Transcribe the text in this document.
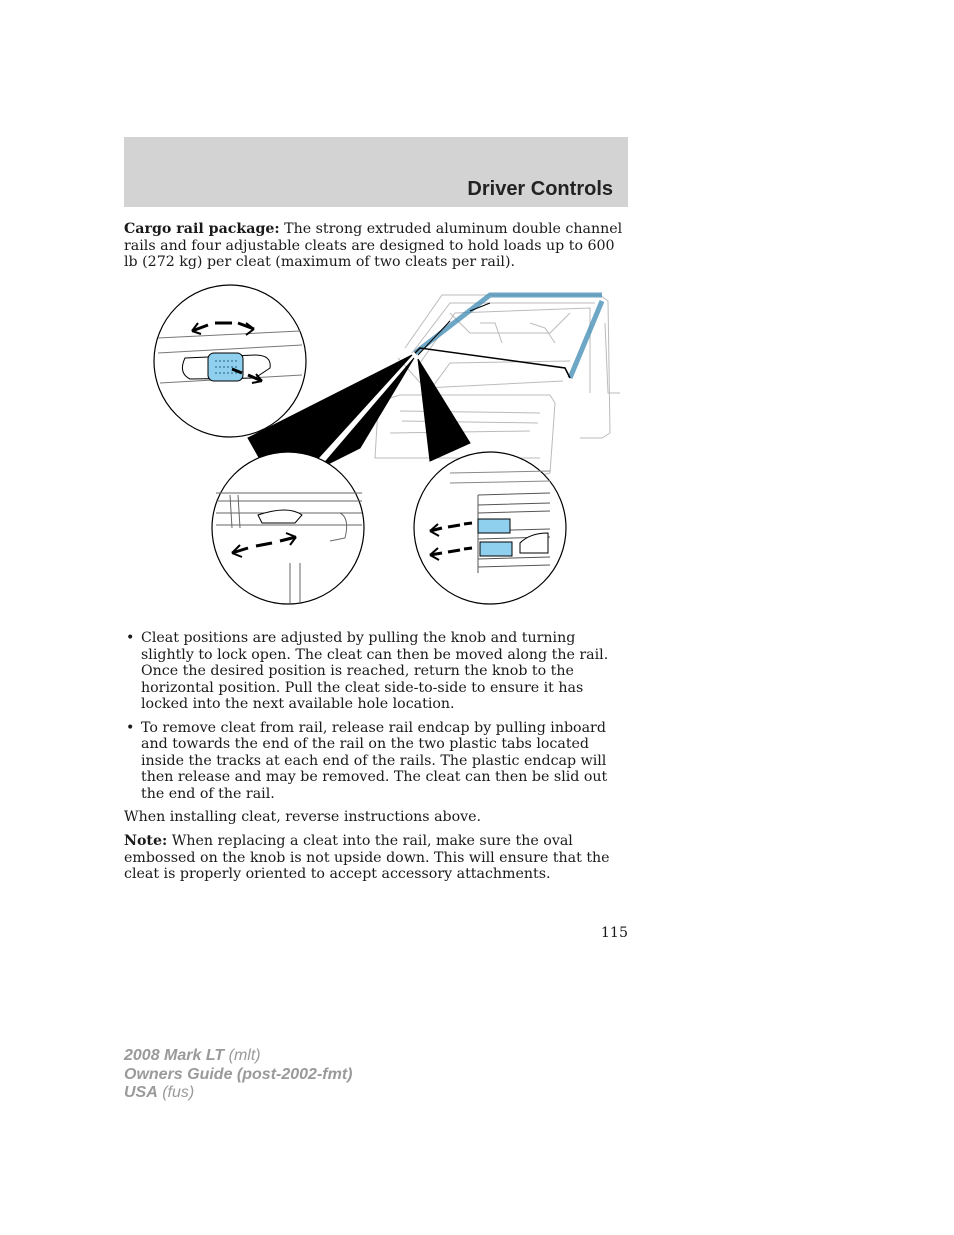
Driver Controls

Cargo rail package: The strong extruded aluminum double channel rails and four adjustable cleats are designed to hold loads up to 600 lb (272 kg) per cleat (maximum of two cleats per rail).

• Cleat positions are adjusted by pulling the knob and turning slightly to lock open. The cleat can then be moved along the rail. Once the desired position is reached, return the knob to the horizontal position. Pull the cleat side-to-side to ensure it has locked into the next available hole location.
• To remove cleat from rail, release rail endcap by pulling inboard and towards the end of the rail on the two plastic tabs located inside the tracks at each end of the rails. The plastic endcap will then release and may be removed. The cleat can then be slid out the end of the rail.

When installing cleat, reverse instructions above.

Note: When replacing a cleat into the rail, make sure the oval embossed on the knob is not upside down. This will ensure that the cleat is properly oriented to accept accessory attachments.

115
2008 Mark LT (mlt)
Owners Guide (post-2002-fmt)
USA (fus)
